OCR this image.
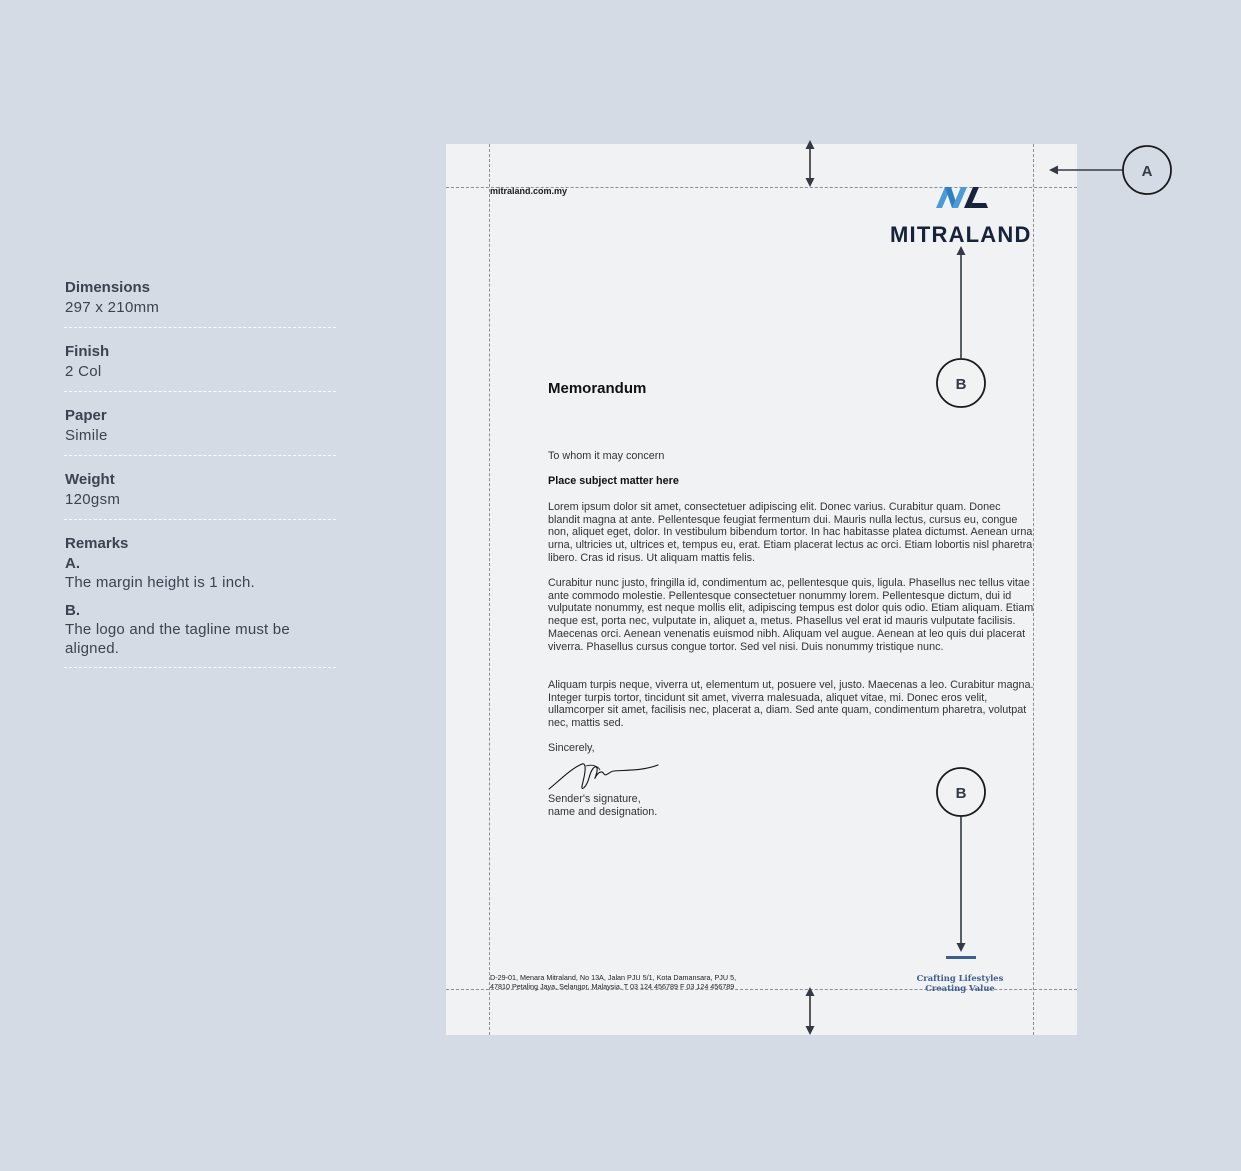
Dimensions
297 x 210mm
Finish
2 Col
Paper
Simile
Weight
120gsm
Remarks
A.
The margin height is 1 inch.
B.
The logo and the tagline must be aligned.
mitraland.com.my
MITRALAND
Memorandum
To whom it may concern
Place subject matter here
Lorem ipsum dolor sit amet, consectetuer adipiscing elit. Donec varius. Curabitur quam. Donec blandit magna at ante. Pellentesque feugiat fermentum dui. Mauris nulla lectus, cursus eu, congue non, aliquet eget, dolor. In vestibulum bibendum tortor. In hac habitasse platea dictumst. Aenean urna urna, ultricies ut, ultrices et, tempus eu, erat. Etiam placerat lectus ac orci. Etiam lobortis nisl pharetra libero. Cras id risus. Ut aliquam mattis felis.
Curabitur nunc justo, fringilla id, condimentum ac, pellentesque quis, ligula. Phasellus nec tellus vitae ante commodo molestie. Pellentesque consectetuer nonummy lorem. Pellentesque dictum, dui id vulputate nonummy, est neque mollis elit, adipiscing tempus est dolor quis odio. Etiam aliquam. Etiam neque est, porta nec, vulputate in, aliquet a, metus. Phasellus vel erat id mauris vulputate facilisis. Maecenas orci. Aenean venenatis euismod nibh. Aliquam vel augue. Aenean at leo quis dui placerat viverra. Phasellus cursus congue tortor. Sed vel nisi. Duis nonummy tristique nunc.
Aliquam turpis neque, viverra ut, elementum ut, posuere vel, justo. Maecenas a leo. Curabitur magna. Integer turpis tortor, tincidunt sit amet, viverra malesuada, aliquet vitae, mi. Donec eros velit, ullamcorper sit amet, facilisis nec, placerat a, diam. Sed ante quam, condimentum pharetra, volutpat nec, mattis sed.
Sincerely,
Sender's signature,
name and designation.
D-29-01, Menara Mitraland, No 13A, Jalan PJU 5/1, Kota Damansara, PJU 5,
47810 Petaling Jaya, Selangor, Malaysia. T 03 124 456789 F 03 124 456789
Crafting Lifestyles
Creating Value
A
B
B
